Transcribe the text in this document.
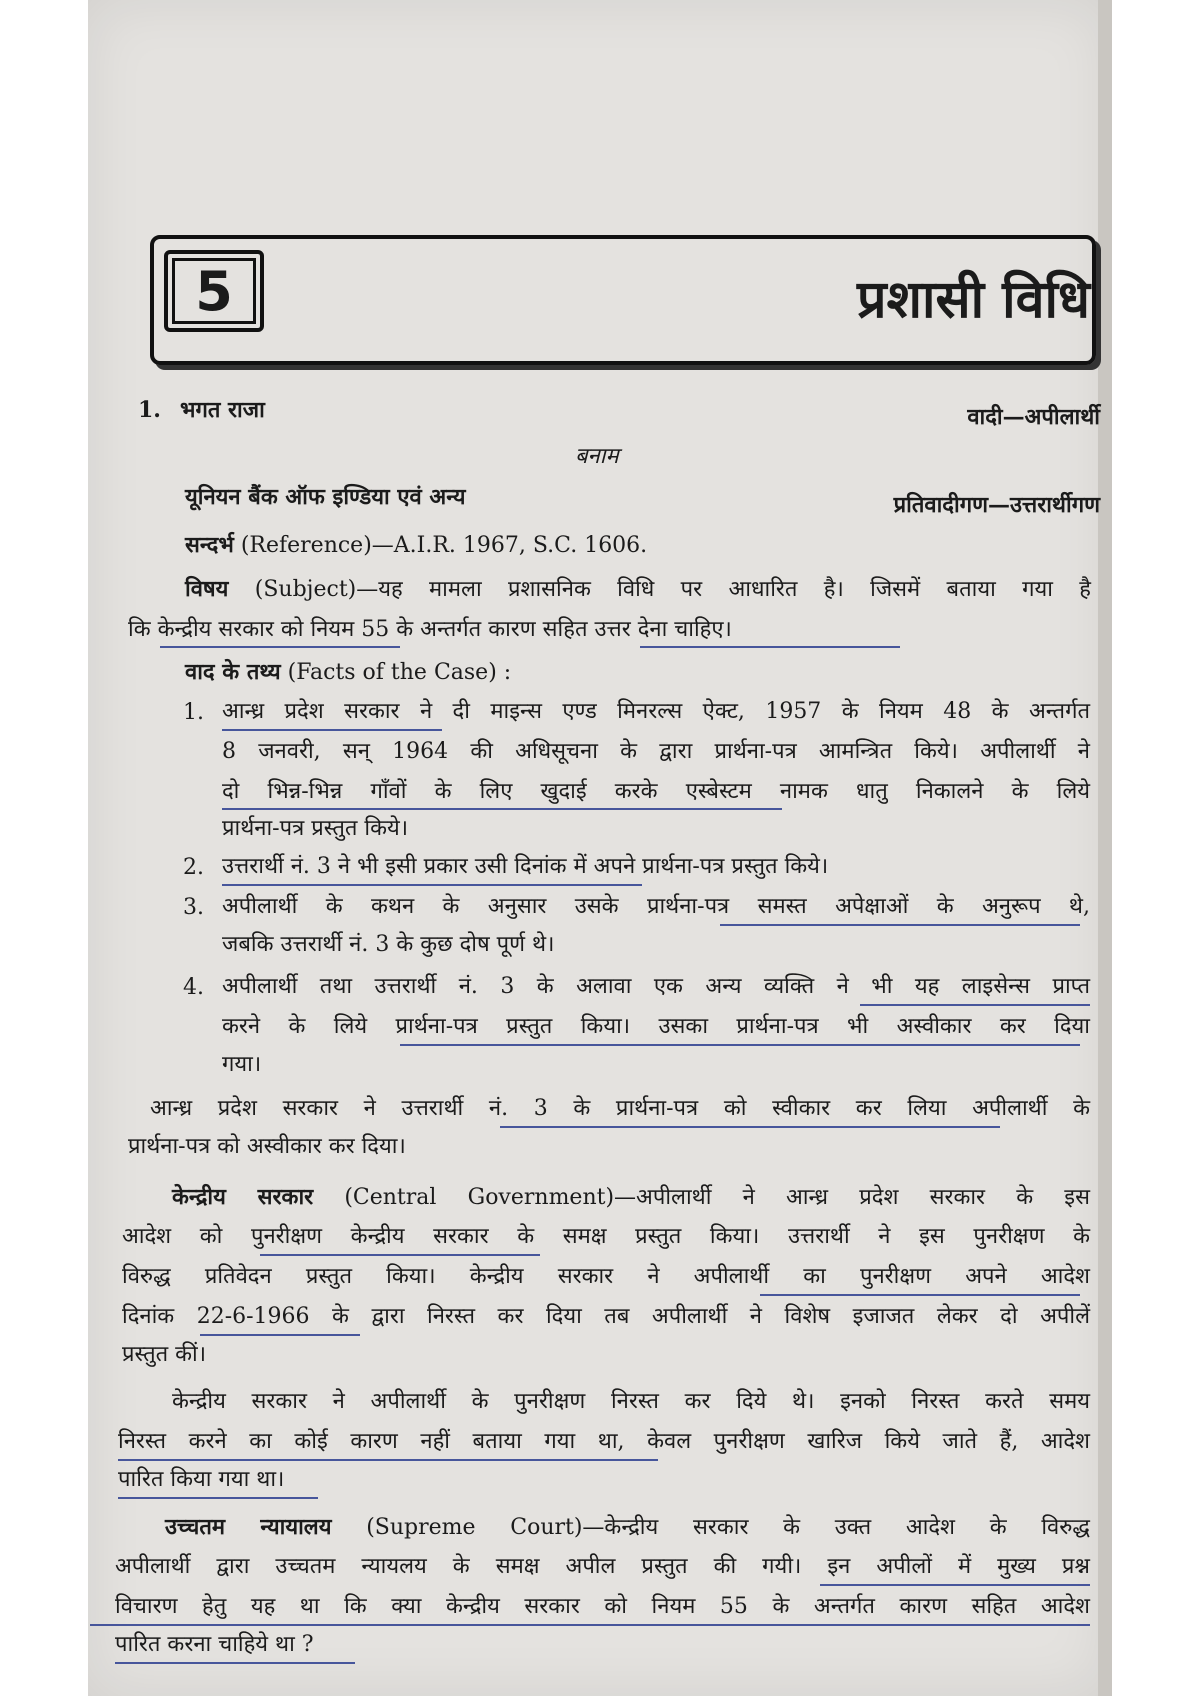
5	प्रशासी विधि
1. भगत राजा	वादी—अपीलार्थी
बनाम
यूनियन बैंक ऑफ इण्डिया एवं अन्य	प्रतिवादीगण—उत्तरार्थीगण
सन्दर्भ (Reference)—A.I.R. 1967, S.C. 1606.
विषय (Subject)—यह मामला प्रशासनिक विधि पर आधारित है। जिसमें बताया गया है
कि केन्द्रीय सरकार को नियम 55 के अन्तर्गत कारण सहित उत्तर देना चाहिए।
वाद के तथ्य (Facts of the Case) :
1. आन्ध्र प्रदेश सरकार ने दी माइन्स एण्ड मिनरल्स ऐक्ट, 1957 के नियम 48 के अन्तर्गत
8 जनवरी, सन् 1964 की अधिसूचना के द्वारा प्रार्थना-पत्र आमन्त्रित किये। अपीलार्थी ने
दो भिन्न-भिन्न गाँवों के लिए खुदाई करके एस्बेस्टम नामक धातु निकालने के लिये
प्रार्थना-पत्र प्रस्तुत किये।
2. उत्तरार्थी नं. 3 ने भी इसी प्रकार उसी दिनांक में अपने प्रार्थना-पत्र प्रस्तुत किये।
3. अपीलार्थी के कथन के अनुसार उसके प्रार्थना-पत्र समस्त अपेक्षाओं के अनुरूप थे,
जबकि उत्तरार्थी नं. 3 के कुछ दोष पूर्ण थे।
4. अपीलार्थी तथा उत्तरार्थी नं. 3 के अलावा एक अन्य व्यक्ति ने भी यह लाइसेन्स प्राप्त
करने के लिये प्रार्थना-पत्र प्रस्तुत किया। उसका प्रार्थना-पत्र भी अस्वीकार कर दिया
गया।
आन्ध्र प्रदेश सरकार ने उत्तरार्थी नं. 3 के प्रार्थना-पत्र को स्वीकार कर लिया अपीलार्थी के
प्रार्थना-पत्र को अस्वीकार कर दिया।
केन्द्रीय सरकार (Central Government)—अपीलार्थी ने आन्ध्र प्रदेश सरकार के इस
आदेश को पुनरीक्षण केन्द्रीय सरकार के समक्ष प्रस्तुत किया। उत्तरार्थी ने इस पुनरीक्षण के
विरुद्ध प्रतिवेदन प्रस्तुत किया। केन्द्रीय सरकार ने अपीलार्थी का पुनरीक्षण अपने आदेश
दिनांक 22-6-1966 के द्वारा निरस्त कर दिया तब अपीलार्थी ने विशेष इजाजत लेकर दो अपीलें
प्रस्तुत कीं।
केन्द्रीय सरकार ने अपीलार्थी के पुनरीक्षण निरस्त कर दिये थे। इनको निरस्त करते समय
निरस्त करने का कोई कारण नहीं बताया गया था, केवल पुनरीक्षण खारिज किये जाते हैं, आदेश
पारित किया गया था।
उच्चतम न्यायालय (Supreme Court)—केन्द्रीय सरकार के उक्त आदेश के विरुद्ध
अपीलार्थी द्वारा उच्चतम न्यायलय के समक्ष अपील प्रस्तुत की गयी। इन अपीलों में मुख्य प्रश्न
विचारण हेतु यह था कि क्या केन्द्रीय सरकार को नियम 55 के अन्तर्गत कारण सहित आदेश
पारित करना चाहिये था ?
